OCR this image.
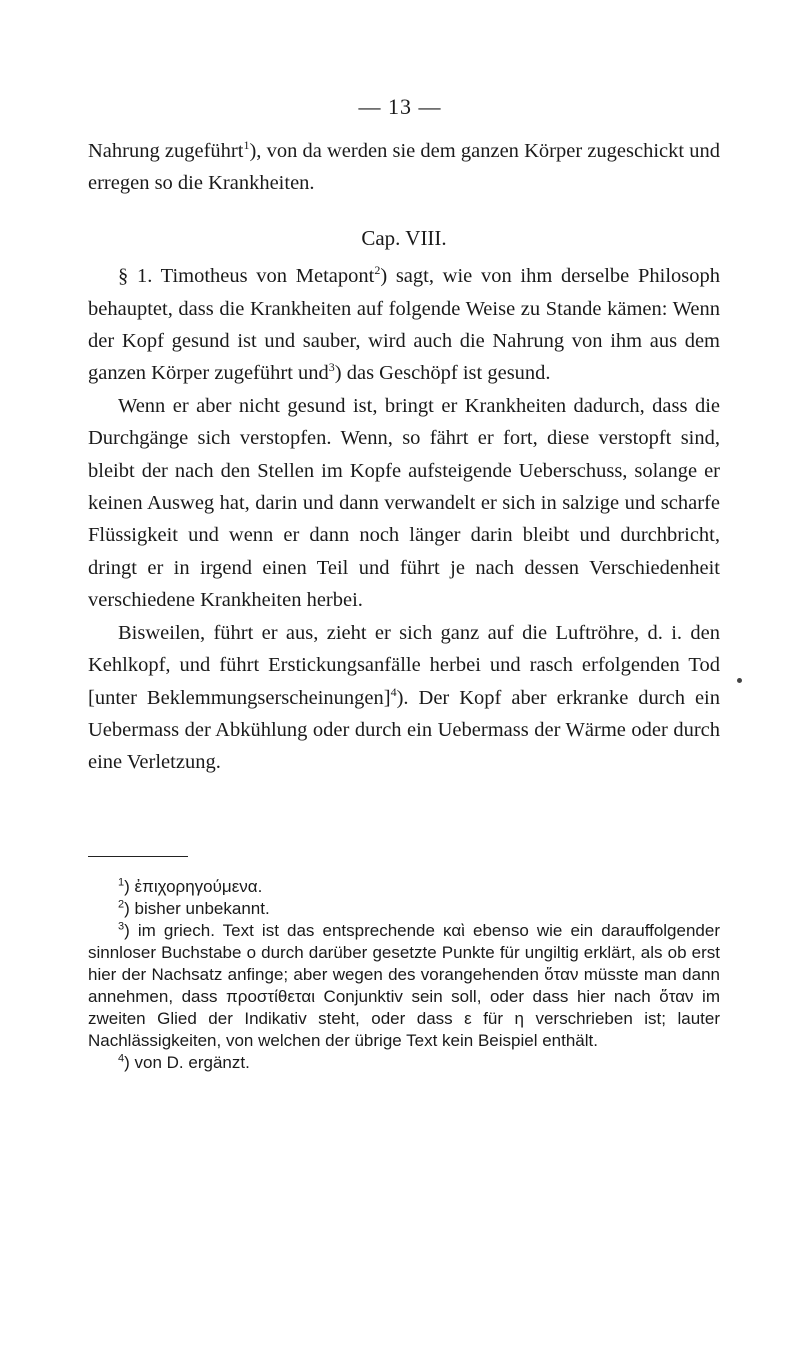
— 13 —

Nahrung zugeführt$^1$), von da werden sie dem ganzen Körper zugeschickt und erregen so die Krankheiten.

Cap. VIII.

§ 1. Timotheus von Metapont$^2$) sagt, wie von ihm derselbe Philosoph behauptet, dass die Krankheiten auf folgende Weise zu Stande kämen: Wenn der Kopf gesund ist und sauber, wird auch die Nahrung von ihm aus dem ganzen Körper zugeführt und$^3$) das Geschöpf ist gesund.

Wenn er aber nicht gesund ist, bringt er Krankheiten dadurch, dass die Durchgänge sich verstopfen. Wenn, so fährt er fort, diese verstopft sind, bleibt der nach den Stellen im Kopfe aufsteigende Ueberschuss, solange er keinen Ausweg hat, darin und dann verwandelt er sich in salzige und scharfe Flüssigkeit und wenn er dann noch länger darin bleibt und durchbricht, dringt er in irgend einen Teil und führt je nach dessen Verschiedenheit verschiedene Krankheiten herbei.

Bisweilen, führt er aus, zieht er sich ganz auf die Luftröhre, d. i. den Kehlkopf, und führt Erstickungsanfälle herbei und rasch erfolgenden Tod [unter Beklemmungserscheinungen]$^4$). Der Kopf aber erkranke durch ein Uebermass der Abkühlung oder durch ein Uebermass der Wärme oder durch eine Verletzung.

$^1$) ἐπιχορηγούμενα.

$^2$) bisher unbekannt.

$^3$) im griech. Text ist das entsprechende καὶ ebenso wie ein darauffolgender sinnloser Buchstabe ο durch darüber gesetzte Punkte für ungiltig erklärt, als ob erst hier der Nachsatz anfinge; aber wegen des vorangehenden ὅταν müsste man dann annehmen, dass προστίθεται Conjunktiv sein soll, oder dass hier nach ὅταν im zweiten Glied der Indikativ steht, oder dass ε für η verschrieben ist; lauter Nachlässigkeiten, von welchen der übrige Text kein Beispiel enthält.

$^4$) von D. ergänzt.
